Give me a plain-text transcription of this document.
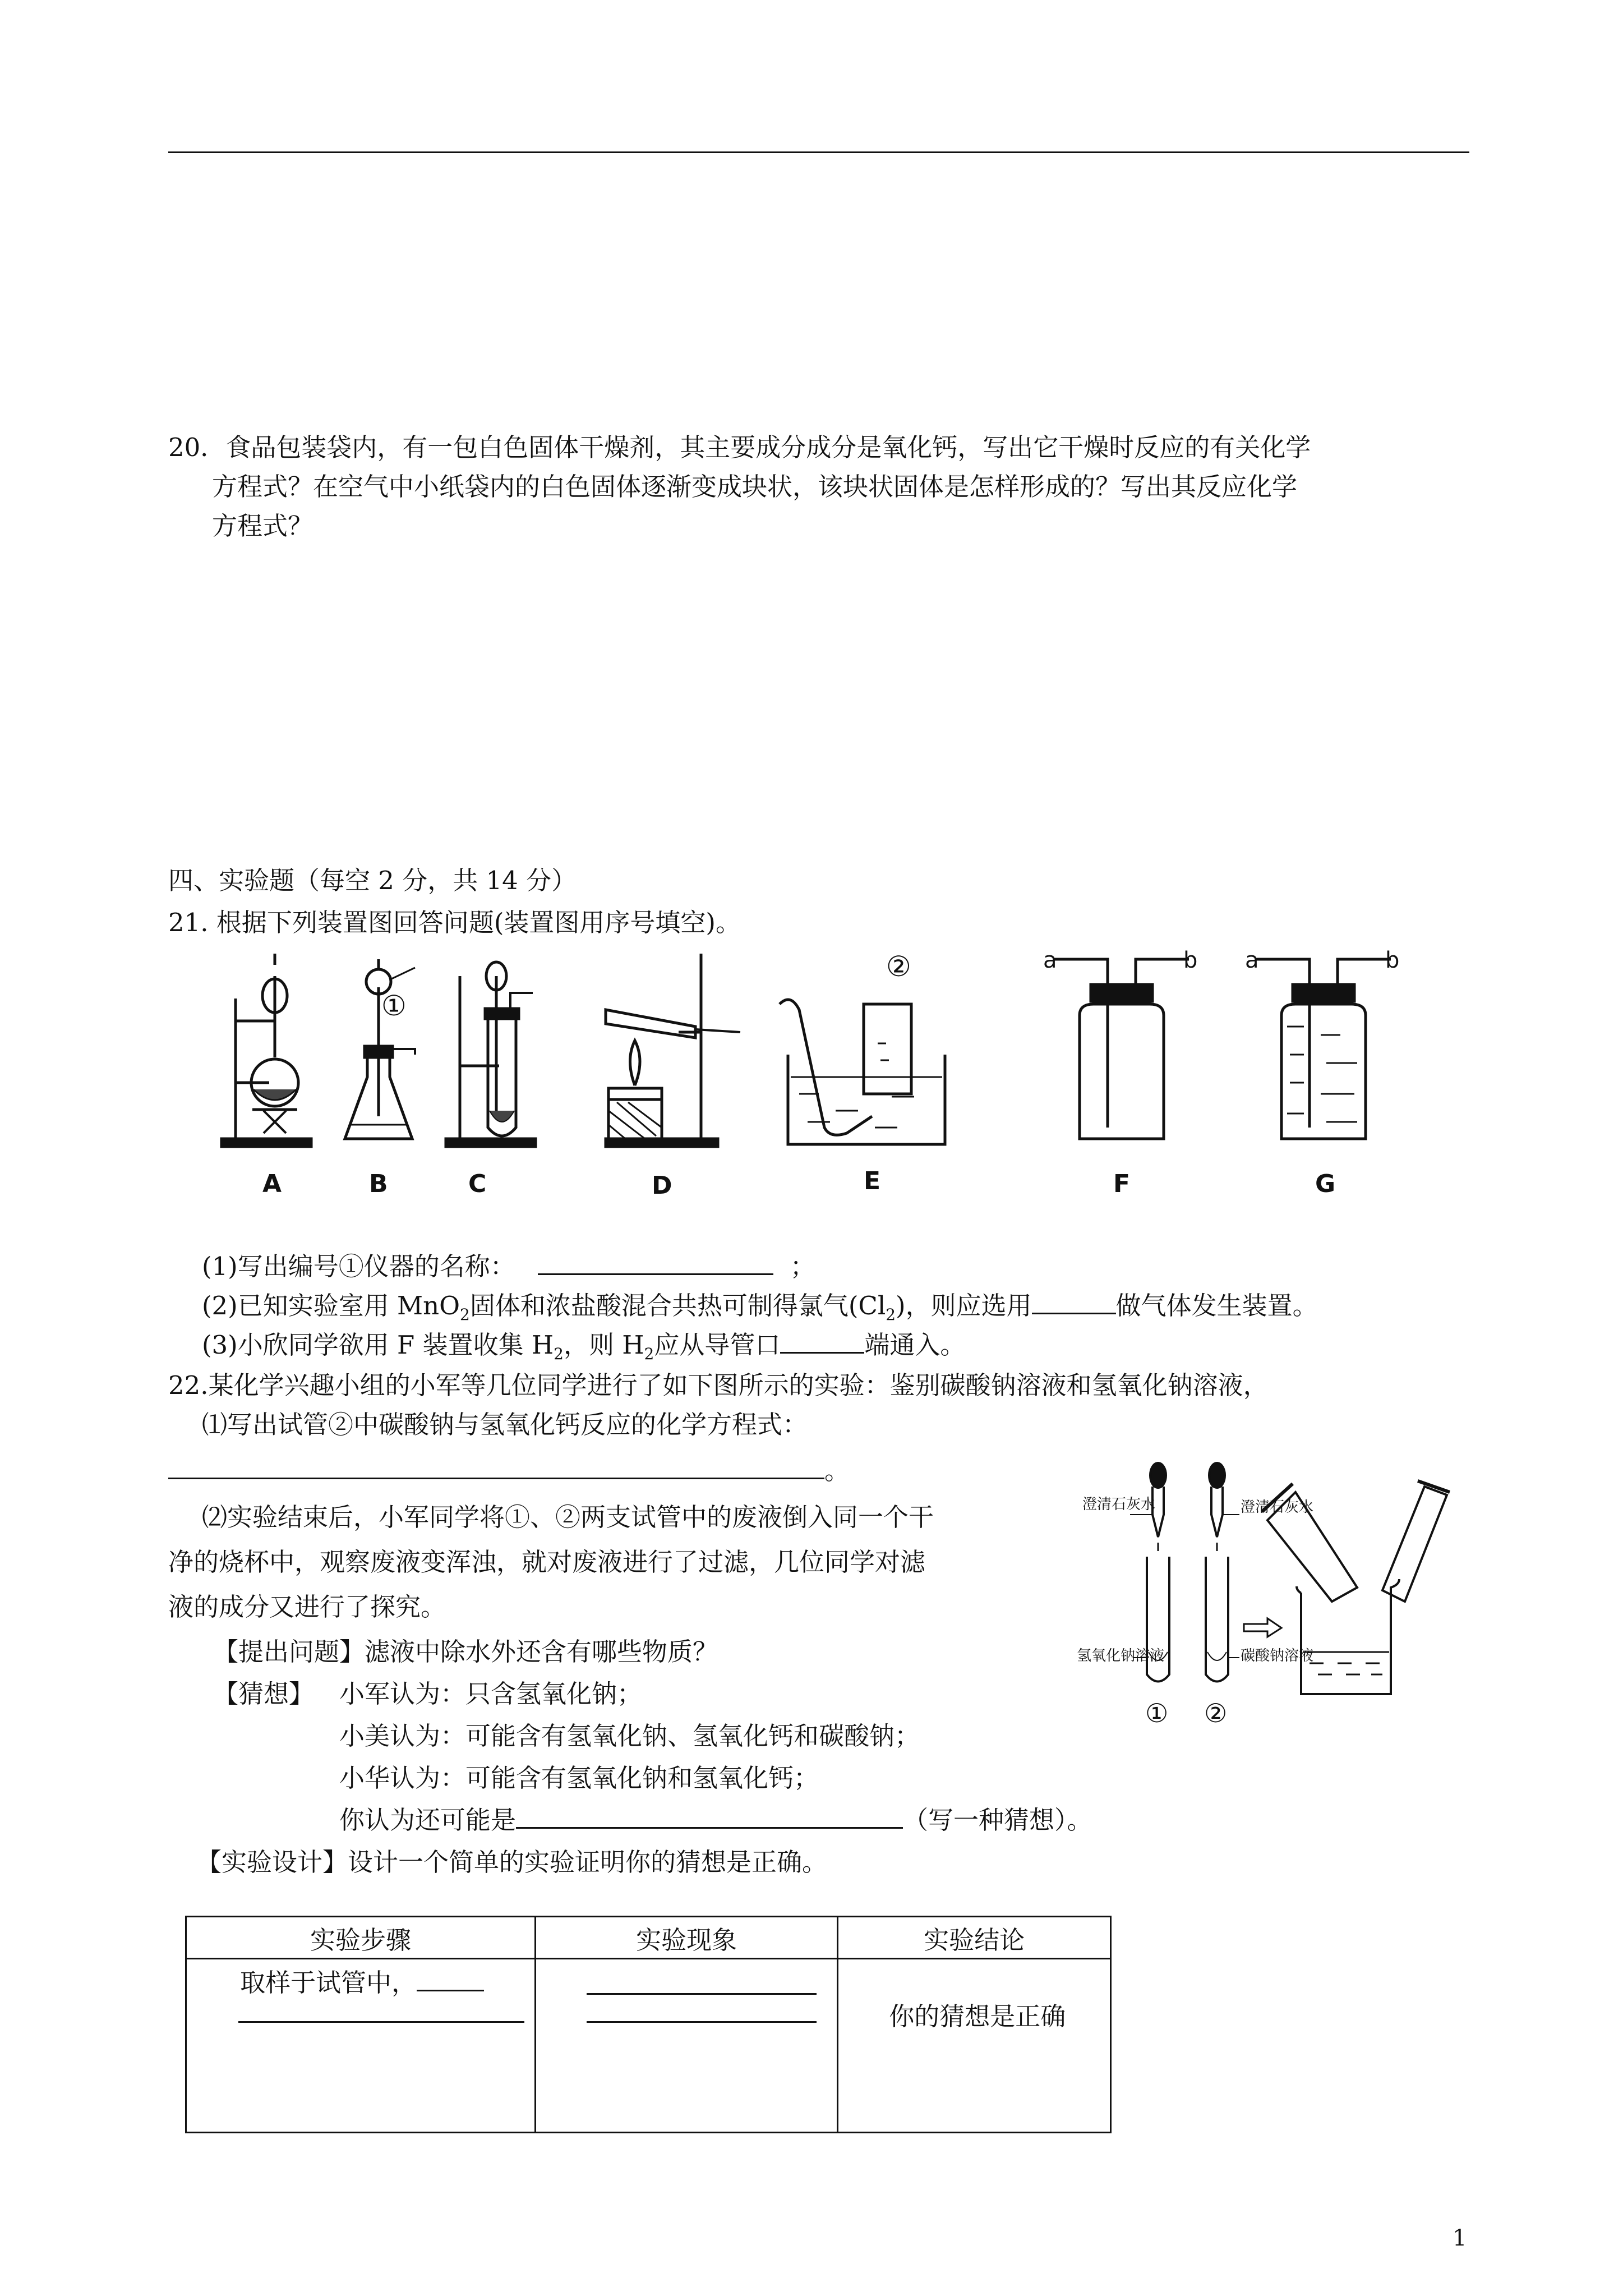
20．食品包装袋内，有一包白色固体干燥剂，其主要成分成分是氧化钙，写出它干燥时反应的有关化学
方程式？在空气中小纸袋内的白色固体逐渐变成块状，该块状固体是怎样形成的？写出其反应化学
方程式？
四、实验题（每空 2 分，共 14 分）
21. 根据下列装置图回答问题(装置图用序号填空)。
①
②	a	b a	b
A	B	C	D	E	F	G
(1)写出编号①仪器的名称：	；
(2)已知实验室用 MnO$_2$固体和浓盐酸混合共热可制得氯气$(Cl_2)$，则应选用	做气体发生装置。
(3)小欣同学欲用 F 装置收集 $H_2$，则 $H_2$应从导管口	端通入。
22.某化学兴趣小组的小军等几位同学进行了如下图所示的实验：鉴别碳酸钠溶液和氢氧化钠溶液，
⑴写出试管②中碳酸钠与氢氧化钙反应的化学方程式：
。
⑵实验结束后，小军同学将①、②两支试管中的废液倒入同一个干
净的烧杯中，观察废液变浑浊，就对废液进行了过滤，几位同学对滤
液的成分又进行了探究。
【提出问题】滤液中除水外还含有哪些物质？
【猜想】 小军认为：只含氢氧化钠；
小美认为：可能含有氢氧化钠、氢氧化钙和碳酸钠；
小华认为：可能含有氢氧化钠和氢氧化钙；
你认为还可能是	（写一种猜想）。
【实验设计】设计一个简单的实验证明你的猜想是正确。
澄清石灰水	澄清石灰水
氢氧化钠溶液	碳酸钠溶液
① ②
实验步骤	实验现象	实验结论

取样于试管中，		你的猜想是正确
1
